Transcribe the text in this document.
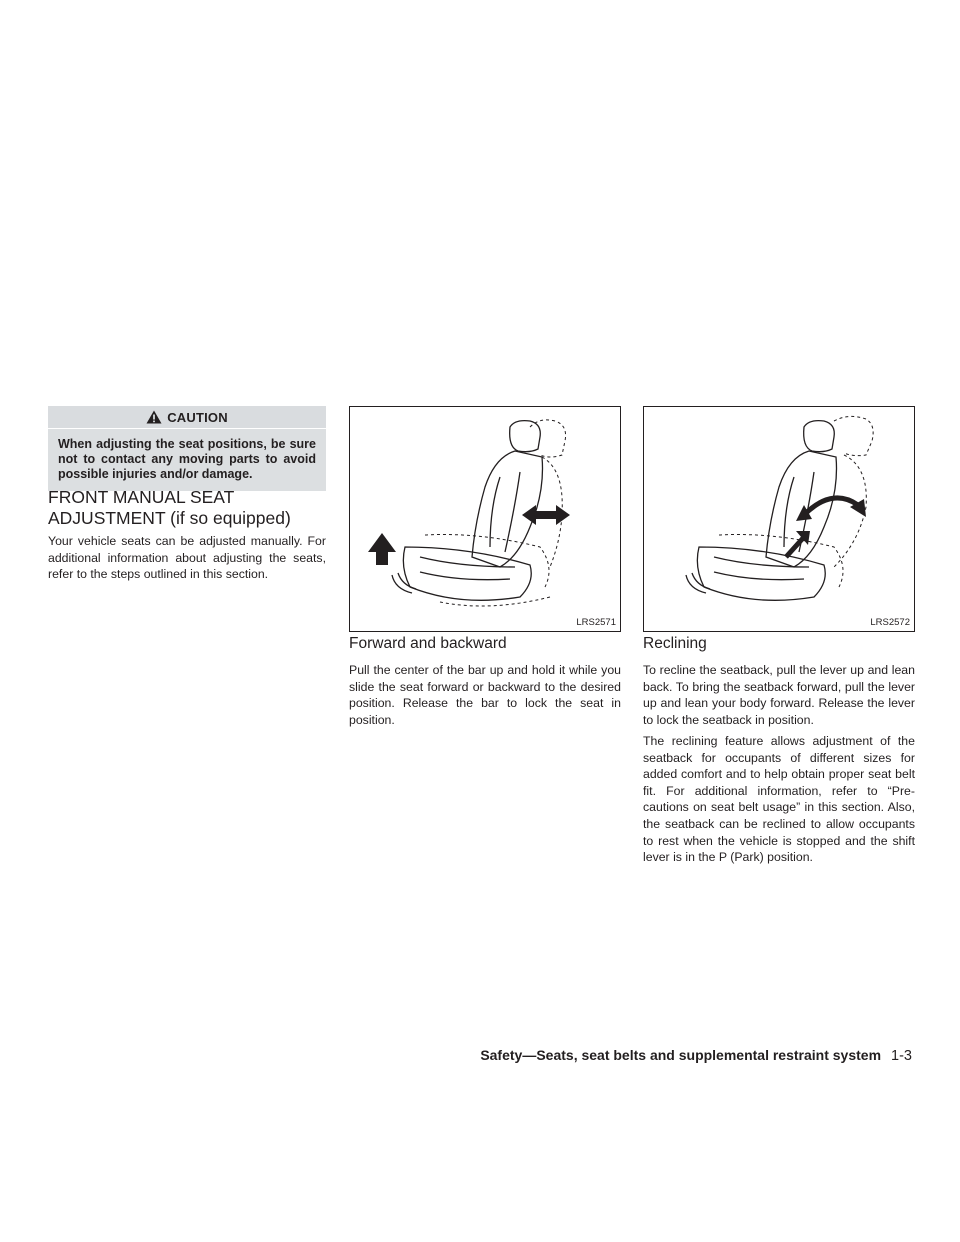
CAUTION
When adjusting the seat positions, be sure not to contact any moving parts to avoid possible injuries and/or damage.
FRONT MANUAL SEAT ADJUSTMENT (if so equipped)

Your vehicle seats can be adjusted manually. For additional information about adjusting the seats, refer to the steps outlined in this section.

LRS2571	LRS2572
Forward and backward

Pull the center of the bar up and hold it while you slide the seat forward or backward to the desired position. Release the bar to lock the seat in position.

Reclining

To recline the seatback, pull the lever up and lean back. To bring the seatback forward, pull the lever up and lean your body forward. Release the lever to lock the seatback in position.

The reclining feature allows adjustment of the seatback for occupants of different sizes for added comfort and to help obtain proper seat belt fit. For additional information, refer to “Pre-cautions on seat belt usage” in this section. Also, the seatback can be reclined to allow occupants to rest when the vehicle is stopped and the shift lever is in the P (Park) position.

Safety—Seats, seat belts and supplemental restraint system 1-3
